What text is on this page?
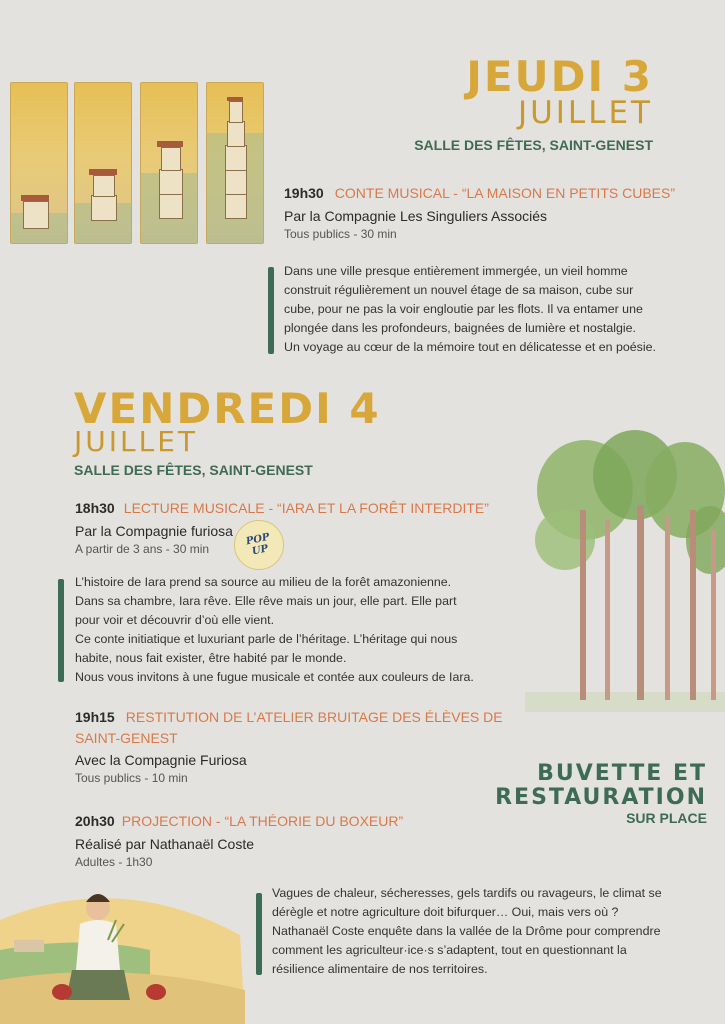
JEUDI 3
JUILLET
SALLE DES FÊTES, SAINT-GENEST
19h30 CONTE MUSICAL - “LA MAISON EN PETITS CUBES”
Par la Compagnie Les Singuliers Associés
Tous publics - 30 min
Dans une ville presque entièrement immergée, un vieil homme
construit régulièrement un nouvel étage de sa maison, cube sur
cube, pour ne pas la voir engloutie par les flots. Il va entamer une
plongée dans les profondeurs, baignées de lumière et nostalgie.
Un voyage au cœur de la mémoire tout en délicatesse et en poésie.
VENDREDI 4
JUILLET
SALLE DES FÊTES, SAINT-GENEST
18h30 LECTURE MUSICALE - “IARA ET LA FORÊT INTERDITE”
Par la Compagnie furiosa
A partir de 3 ans - 30 min
POP UP
L’histoire de Iara prend sa source au milieu de la forêt amazonienne.
Dans sa chambre, Iara rêve. Elle rêve mais un jour, elle part. Elle part
pour voir et découvrir d’où elle vient.
Ce conte initiatique et luxuriant parle de l’héritage. L’héritage qui nous
habite, nous fait exister, être habité par le monde.
Nous vous invitons à une fugue musicale et contée aux couleurs de Iara.
19h15 RESTITUTION DE L’ATELIER BRUITAGE DES ÉLÈVES DE
SAINT-GENEST
Avec la Compagnie Furiosa
Tous publics - 10 min
20h30 PROJECTION - “LA THÉORIE DU BOXEUR”
Réalisé par Nathanaël Coste
Adultes - 1h30
Vagues de chaleur, sécheresses, gels tardifs ou ravageurs, le climat se
dérègle et notre agriculture doit bifurquer… Oui, mais vers où ?
Nathanaël Coste enquête dans la vallée de la Drôme pour comprendre
comment les agriculteur·ice·s s’adaptent, tout en questionnant la
résilience alimentaire de nos territoires.
BUVETTE ET
RESTAURATION
SUR PLACE
